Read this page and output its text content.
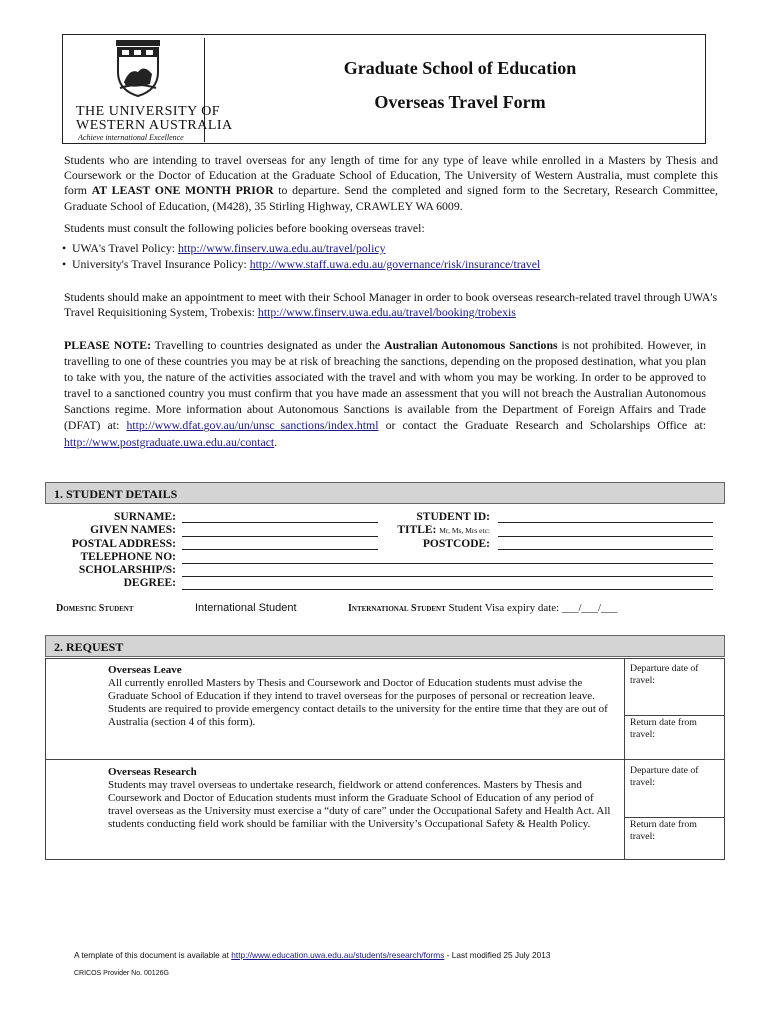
THE UNIVERSITY OF
WESTERN AUSTRALIA
Achieve international Excellence
Graduate School of Education
Overseas Travel Form
Students who are intending to travel overseas for any length of time for any type of leave while enrolled in a Masters by Thesis and Coursework or the Doctor of Education at the Graduate School of Education, The University of Western Australia, must complete this form AT LEAST ONE MONTH PRIOR to departure. Send the completed and signed form to the Secretary, Research Committee, Graduate School of Education, (M428), 35 Stirling Highway, CRAWLEY WA 6009.
Students must consult the following policies before booking overseas travel:
• UWA's Travel Policy: http://www.finserv.uwa.edu.au/travel/policy
• University's Travel Insurance Policy: http://www.staff.uwa.edu.au/governance/risk/insurance/travel
Students should make an appointment to meet with their School Manager in order to book overseas research-related travel through UWA's Travel Requisitioning System, Trobexis: http://www.finserv.uwa.edu.au/travel/booking/trobexis
PLEASE NOTE: Travelling to countries designated as under the Australian Autonomous Sanctions is not prohibited. However, in travelling to one of these countries you may be at risk of breaching the sanctions, depending on the proposed destination, what you plan to take with you, the nature of the activities associated with the travel and with whom you may be working. In order to be approved to travel to a sanctioned country you must confirm that you have made an assessment that you will not breach the Australian Autonomous Sanctions regime. More information about Autonomous Sanctions is available from the Department of Foreign Affairs and Trade (DFAT) at: http://www.dfat.gov.au/un/unsc_sanctions/index.html or contact the Graduate Research and Scholarships Office at: http://www.postgraduate.uwa.edu.au/contact.
1. STUDENT DETAILS
SURNAME:
GIVEN NAMES:
POSTAL ADDRESS:
TELEPHONE NO:
SCHOLARSHIP/S:
DEGREE:
STUDENT ID:
TITLE: Mr, Ms, Mrs etc:
POSTCODE:
Domestic Student	International Student	International Student Student Visa expiry date: ___/___/___
2. REQUEST
Overseas Leave
All currently enrolled Masters by Thesis and Coursework and Doctor of Education students must advise the Graduate School of Education if they intend to travel overseas for the purposes of personal or recreation leave. Students are required to provide emergency contact details to the university for the entire time that they are out of Australia (section 4 of this form).
Departure date of travel:
Return date from travel:
Overseas Research
Students may travel overseas to undertake research, fieldwork or attend conferences. Masters by Thesis and Coursework and Doctor of Education students must inform the Graduate School of Education of any period of travel overseas as the University must exercise a “duty of care” under the Occupational Safety and Health Act. All students conducting field work should be familiar with the University’s Occupational Safety & Health Policy.
Departure date of travel:
Return date from travel:
A template of this document is available at http://www.education.uwa.edu.au/students/research/forms - Last modified 25 July 2013
CRICOS Provider No. 00126G
